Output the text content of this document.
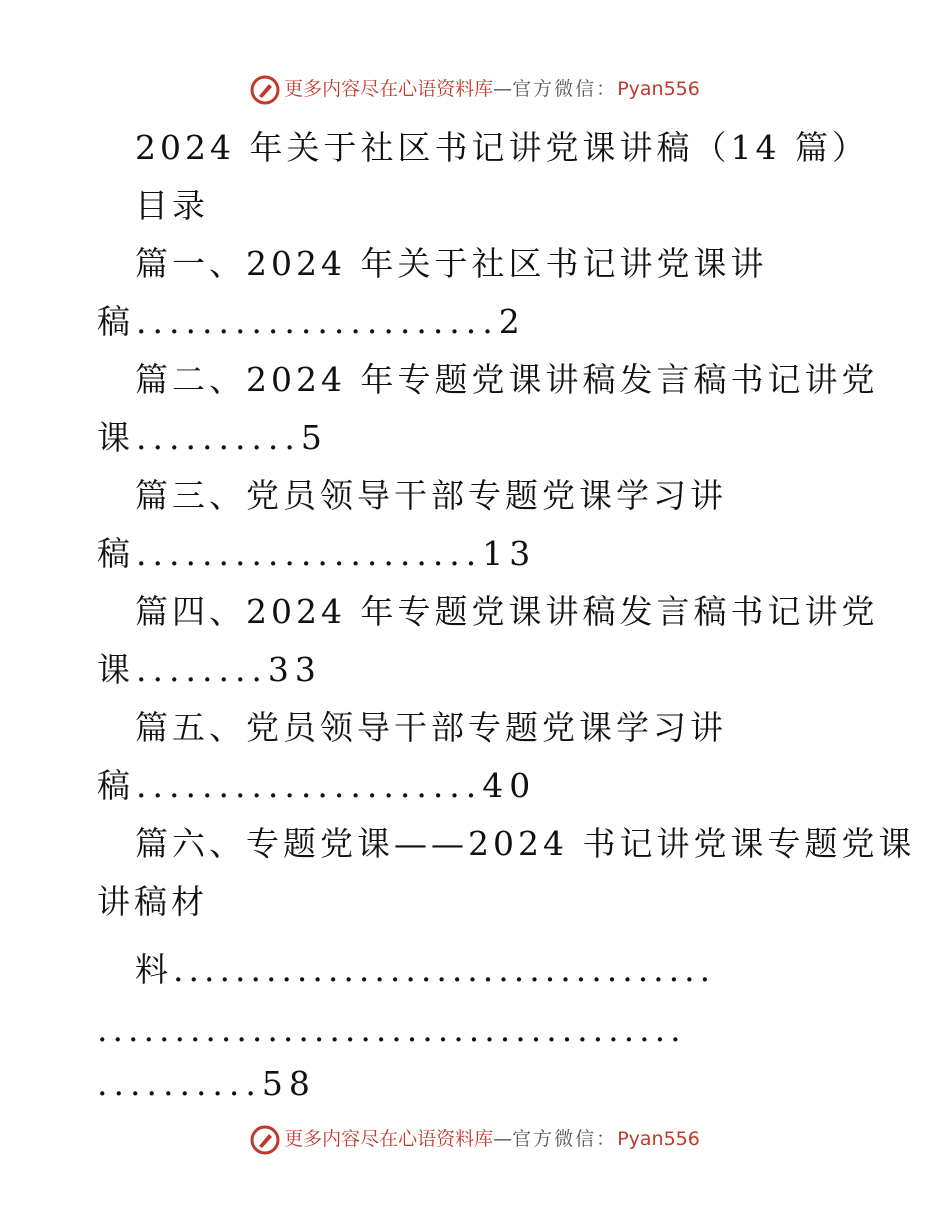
更多内容尽在心语资料库—官方微信：Pyan556
2024 年关于社区书记讲党课讲稿（14 篇）
目录
篇一、2024 年关于社区书记讲党课讲
稿......................2
篇二、2024 年专题党课讲稿发言稿书记讲党
课..........5
篇三、党员领导干部专题党课学习讲
稿.....................13
篇四、2024 年专题党课讲稿发言稿书记讲党
课........33
篇五、党员领导干部专题党课学习讲
稿.....................40
篇六、专题党课——2024 书记讲党课专题党课
讲稿材
料...................................
......................................
..........58
更多内容尽在心语资料库—官方微信：Pyan556
